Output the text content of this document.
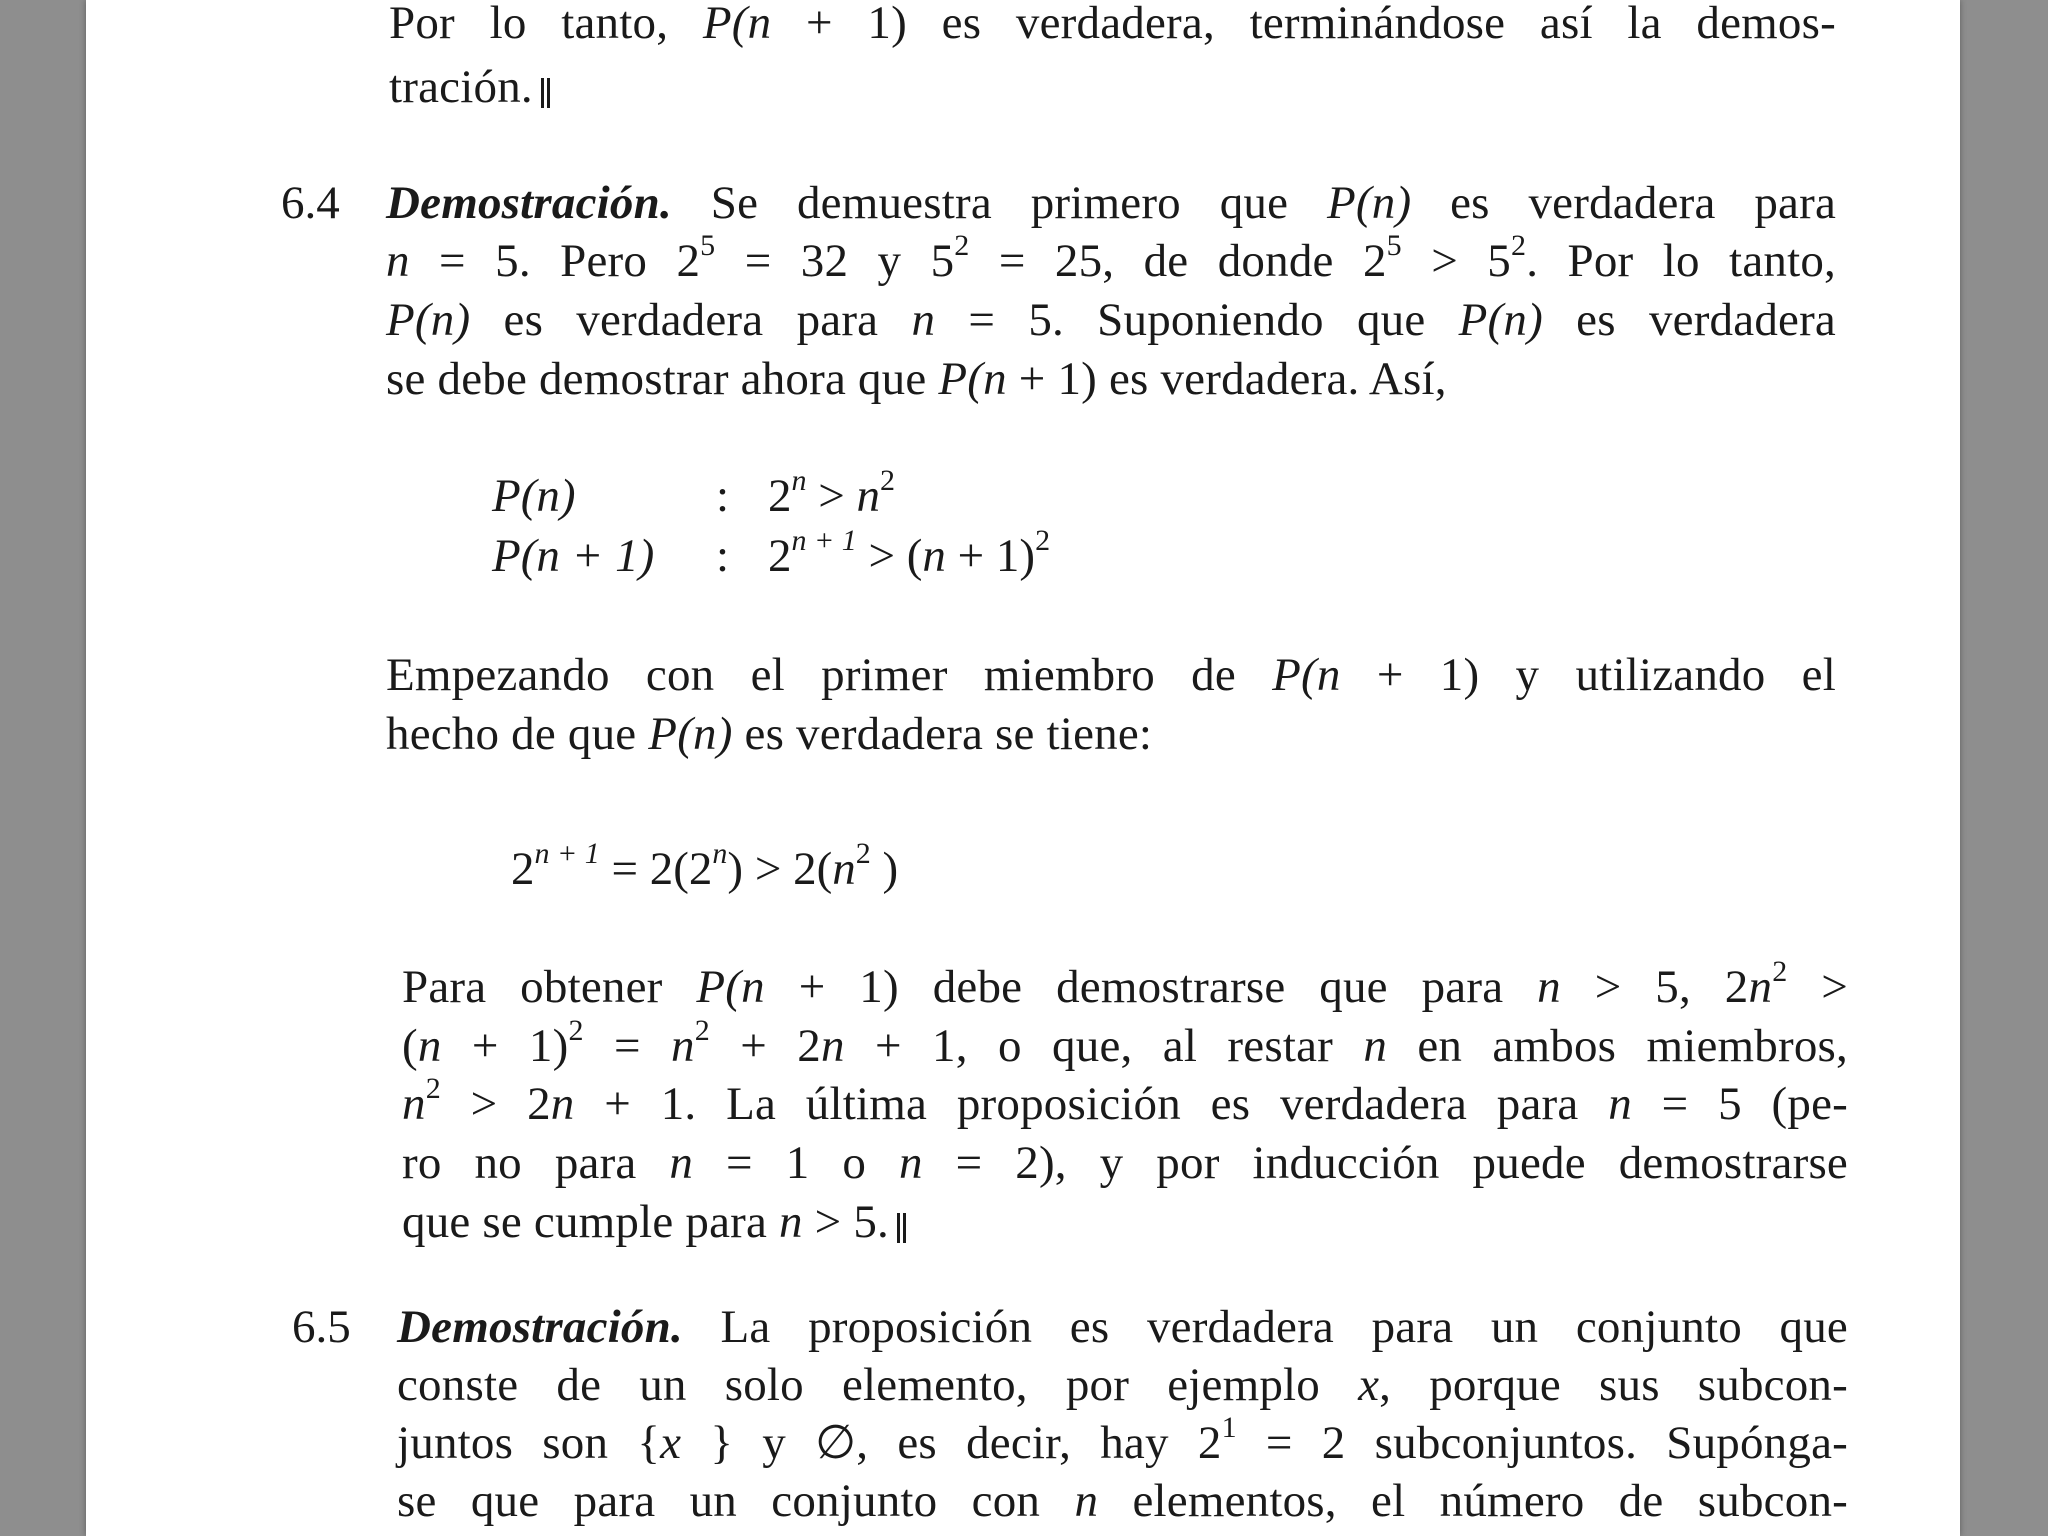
Por lo tanto, P(n + 1) es verdadera, terminándose así la demos-
tración.
6.4 Demostración. Se demuestra primero que P(n) es verdadera para
n = 5. Pero $2^5 = 32$ y $5^2 = 25$, de donde $2^5 > 5^2$. Por lo tanto,
P(n) es verdadera para n = 5. Suponiendo que P(n) es verdadera
se debe demostrar ahora que P(n + 1) es verdadera. Así,
P(n)	: $2^n > n^2$
P(n + 1) : $2^{n + 1} > (n + 1)^2$
Empezando con el primer miembro de P(n + 1) y utilizando el
hecho de que P(n) es verdadera se tiene:
$2^{n + 1} = 2(2^n) > 2(n^2$ )
Para obtener P(n + 1) debe demostrarse que para n > 5, $2n^2$ >
$(n + 1)^2 = n^2 + 2n + 1$, o que, al restar n en ambos miembros,
$n^2 > 2n + 1$. La última proposición es verdadera para n = 5 (pe-
ro no para n = 1 o n = 2), y por inducción puede demostrarse
que se cumple para n > 5.
6.5 Demostración. La proposición es verdadera para un conjunto que
conste de un solo elemento, por ejemplo x, porque sus subcon-
juntos son {x } y ∅, es decir, hay $2^1 = 2$ subconjuntos. Supónga-
se que para un conjunto con n elementos, el número de subcon-
